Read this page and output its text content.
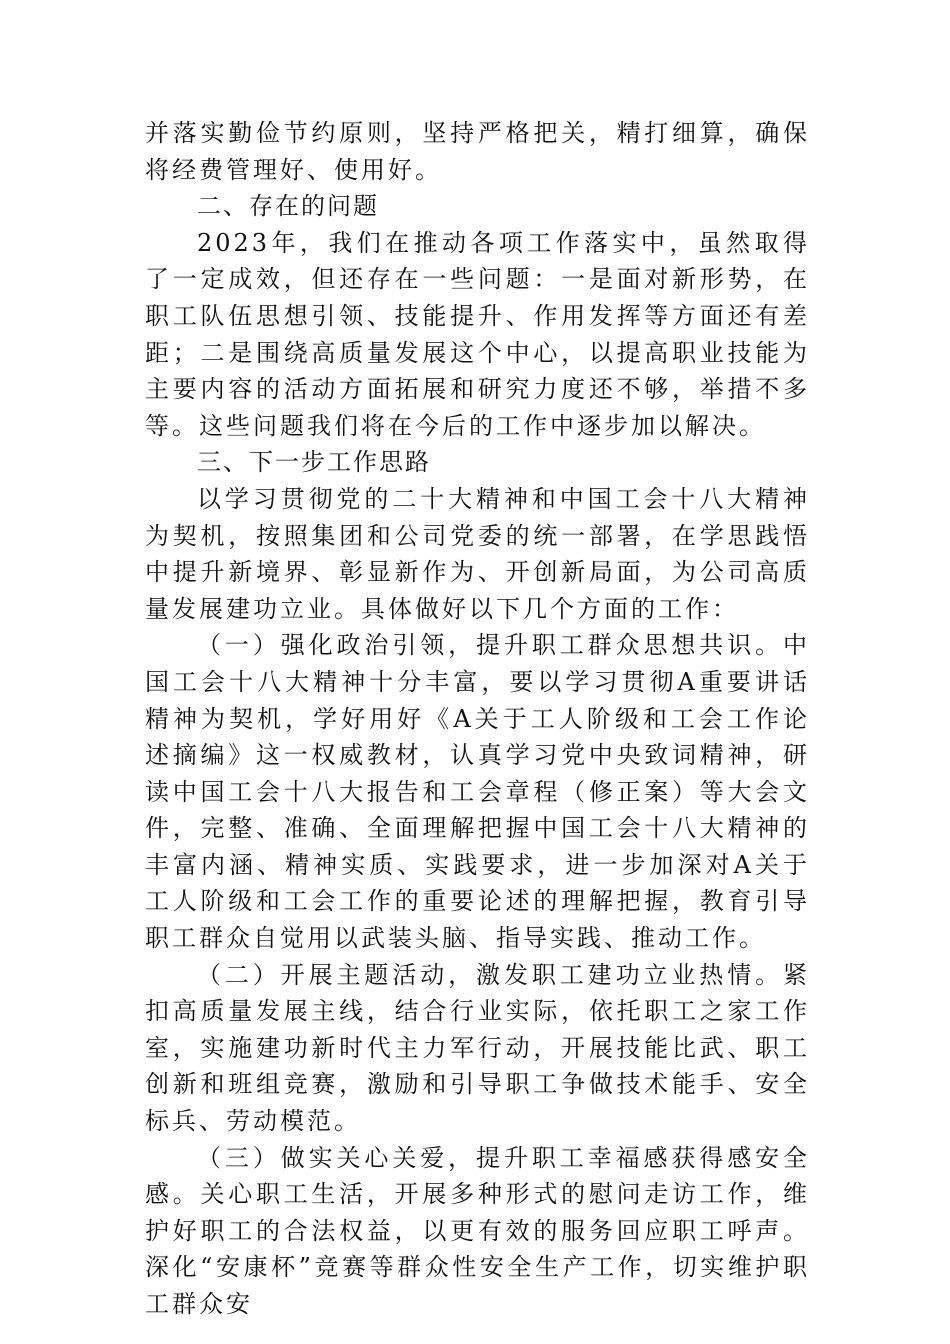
并落实勤俭节约原则，坚持严格把关，精打细算，确保将经费管理好、使用好。

二、存在的问题

2023年，我们在推动各项工作落实中，虽然取得了一定成效，但还存在一些问题：一是面对新形势，在职工队伍思想引领、技能提升、作用发挥等方面还有差距；二是围绕高质量发展这个中心，以提高职业技能为主要内容的活动方面拓展和研究力度还不够，举措不多等。这些问题我们将在今后的工作中逐步加以解决。

三、下一步工作思路

以学习贯彻党的二十大精神和中国工会十八大精神为契机，按照集团和公司党委的统一部署，在学思践悟中提升新境界、彰显新作为、开创新局面，为公司高质量发展建功立业。具体做好以下几个方面的工作：

（一）强化政治引领，提升职工群众思想共识。中国工会十八大精神十分丰富，要以学习贯彻A重要讲话精神为契机，学好用好《A关于工人阶级和工会工作论述摘编》这一权威教材，认真学习党中央致词精神，研读中国工会十八大报告和工会章程（修正案）等大会文件，完整、准确、全面理解把握中国工会十八大精神的丰富内涵、精神实质、实践要求，进一步加深对A关于工人阶级和工会工作的重要论述的理解把握，教育引导职工群众自觉用以武装头脑、指导实践、推动工作。

（二）开展主题活动，激发职工建功立业热情。紧扣高质量发展主线，结合行业实际，依托职工之家工作室，实施建功新时代主力军行动，开展技能比武、职工创新和班组竞赛，激励和引导职工争做技术能手、安全标兵、劳动模范。

（三）做实关心关爱，提升职工幸福感获得感安全感。关心职工生活，开展多种形式的慰问走访工作，维护好职工的合法权益，以更有效的服务回应职工呼声。深化“安康杯”竞赛等群众性安全生产工作，切实维护职工群众安
